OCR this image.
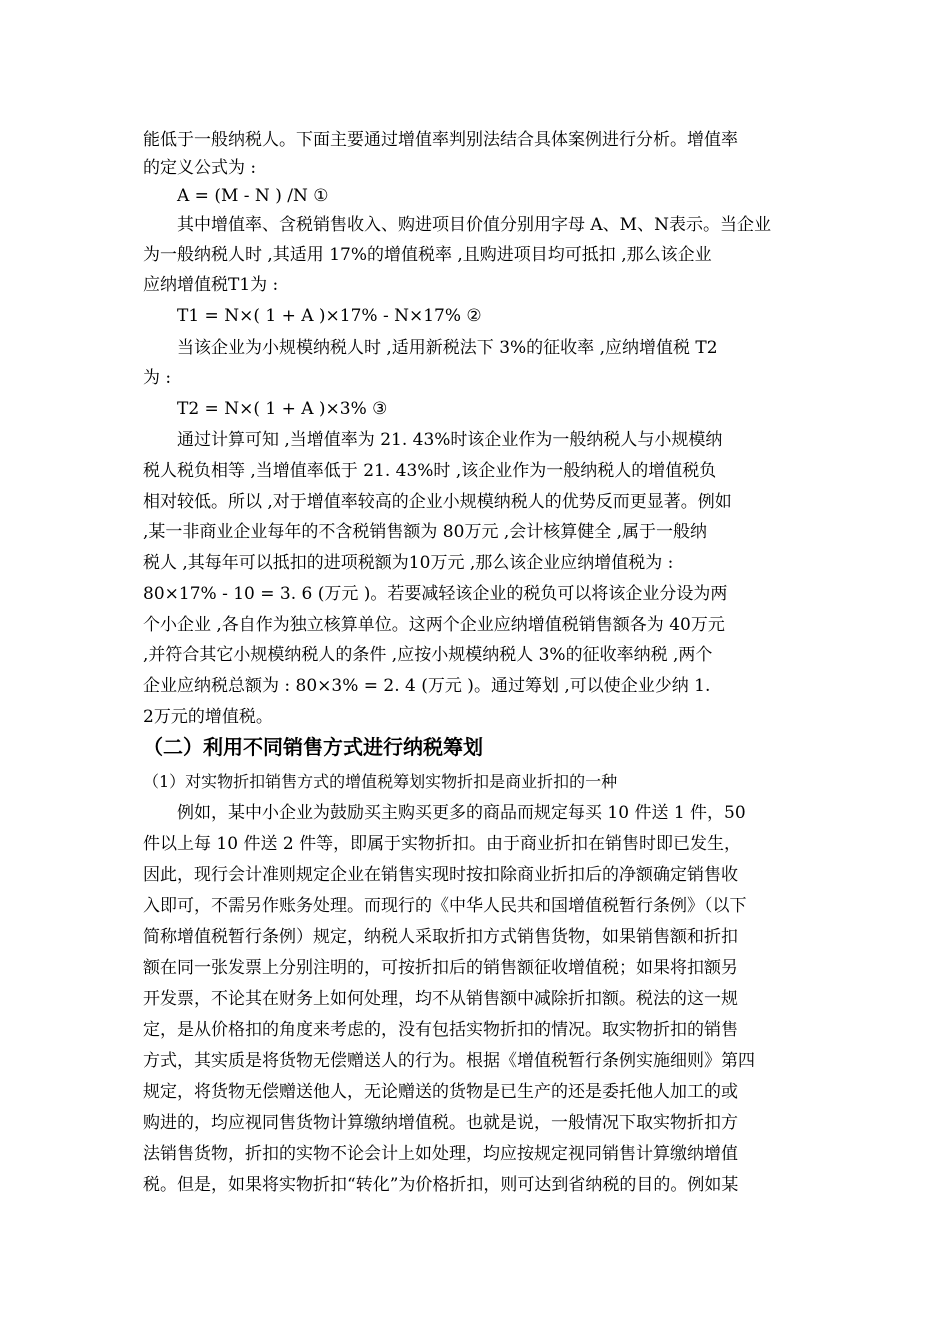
能低于一般纳税人。下面主要通过增值率判别法结合具体案例进行分析。增值率
的定义公式为 :
A = (M - N ) /N ①
其中增值率、含税销售收入、购进项目价值分别用字母 A、M、N表示。当企业
为一般纳税人时 ,其适用 17%的增值税率 ,且购进项目均可抵扣 ,那么该企业
应纳增值税T1为 :
T1 = N×( 1 + A )×17% - N×17% ②
当该企业为小规模纳税人时 ,适用新税法下 3%的征收率 ,应纳增值税 T2
为 :
T2 = N×( 1 + A )×3% ③
通过计算可知 ,当增值率为 21. 43%时该企业作为一般纳税人与小规模纳
税人税负相等 ,当增值率低于 21. 43%时 ,该企业作为一般纳税人的增值税负
相对较低。所以 ,对于增值率较高的企业小规模纳税人的优势反而更显著。例如
,某一非商业企业每年的不含税销售额为 80万元 ,会计核算健全 ,属于一般纳
税人 ,其每年可以抵扣的进项税额为10万元 ,那么该企业应纳增值税为 :
80×17% - 10 = 3. 6 (万元 )。若要减轻该企业的税负可以将该企业分设为两
个小企业 ,各自作为独立核算单位。这两个企业应纳增值税销售额各为 40万元
,并符合其它小规模纳税人的条件 ,应按小规模纳税人 3%的征收率纳税 ,两个
企业应纳税总额为 : 80×3% = 2. 4 (万元 )。通过筹划 ,可以使企业少纳 1.
2万元的增值税。
（二）利用不同销售方式进行纳税筹划
（1）对实物折扣销售方式的增值税筹划实物折扣是商业折扣的一种
例如，某中小企业为鼓励买主购买更多的商品而规定每买 10 件送 1 件，50
件以上每 10 件送 2 件等，即属于实物折扣。由于商业折扣在销售时即已发生，
因此，现行会计准则规定企业在销售实现时按扣除商业折扣后的净额确定销售收
入即可，不需另作账务处理。而现行的《中华人民共和国增值税暂行条例》（以下
简称增值税暂行条例）规定，纳税人采取折扣方式销售货物，如果销售额和折扣
额在同一张发票上分别注明的，可按折扣后的销售额征收增值税；如果将扣额另
开发票，不论其在财务上如何处理，均不从销售额中减除折扣额。税法的这一规
定，是从价格扣的角度来考虑的，没有包括实物折扣的情况。取实物折扣的销售
方式，其实质是将货物无偿赠送人的行为。根据《增值税暂行条例实施细则》第四
规定，将货物无偿赠送他人，无论赠送的货物是已生产的还是委托他人加工的或
购进的，均应视同售货物计算缴纳增值税。也就是说，一般情况下取实物折扣方
法销售货物，折扣的实物不论会计上如处理，均应按规定视同销售计算缴纳增值
税。但是，如果将实物折扣“转化”为价格折扣，则可达到省纳税的目的。例如某
